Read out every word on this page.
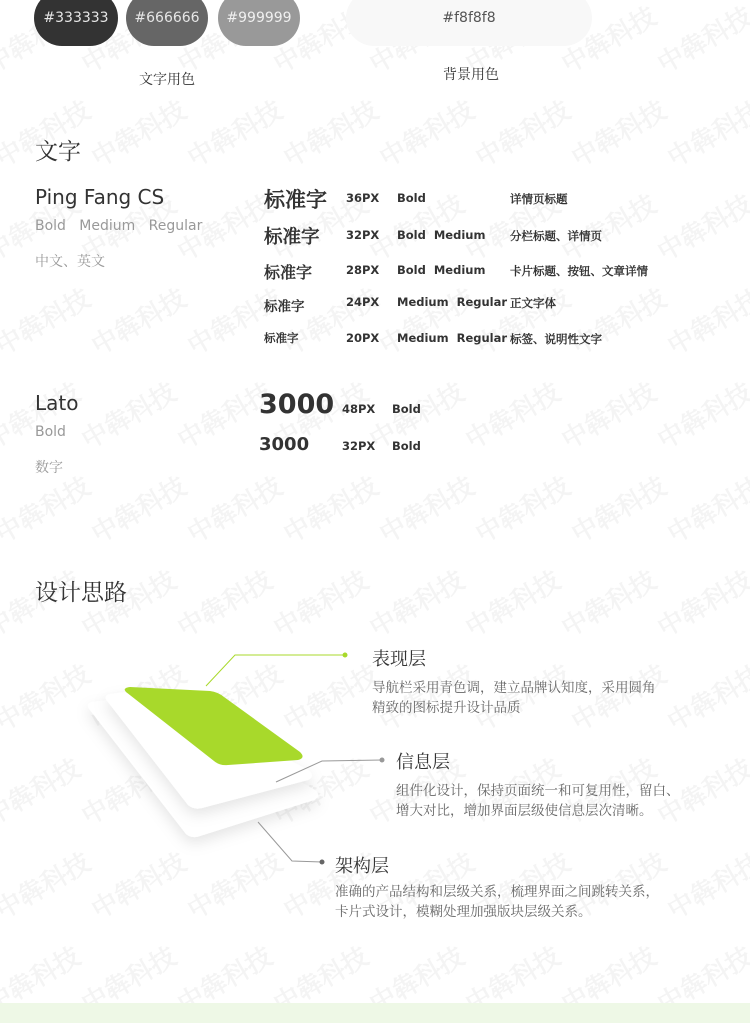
#333333 #666666 #999999	#f8f8f8
文字用色	背景用色
文字
Ping Fang CS
Bold   Medium   Regular
中文、英文
标准字 36PX Bold	详情页标题
标准字 32PX Bold  Medium 分栏标题、详情页
标准字	28PX Bold  Medium 卡片标题、按钮、文章详情
标准字	24PX Medium  Regular 正文字体
标准字	20PX Medium  Regular 标签、说明性文字
Lato
Bold
数字
3000 48PX Bold
3000	32PX Bold
设计思路
表现层
导航栏采用青色调，建立品牌认知度，采用圆角
精致的图标提升设计品质
信息层
组件化设计，保持页面统一和可复用性，留白、
增大对比，增加界面层级使信息层次清晰。
架构层
准确的产品结构和层级关系，梳理界面之间跳转关系，
卡片式设计，模糊处理加强版块层级关系。
